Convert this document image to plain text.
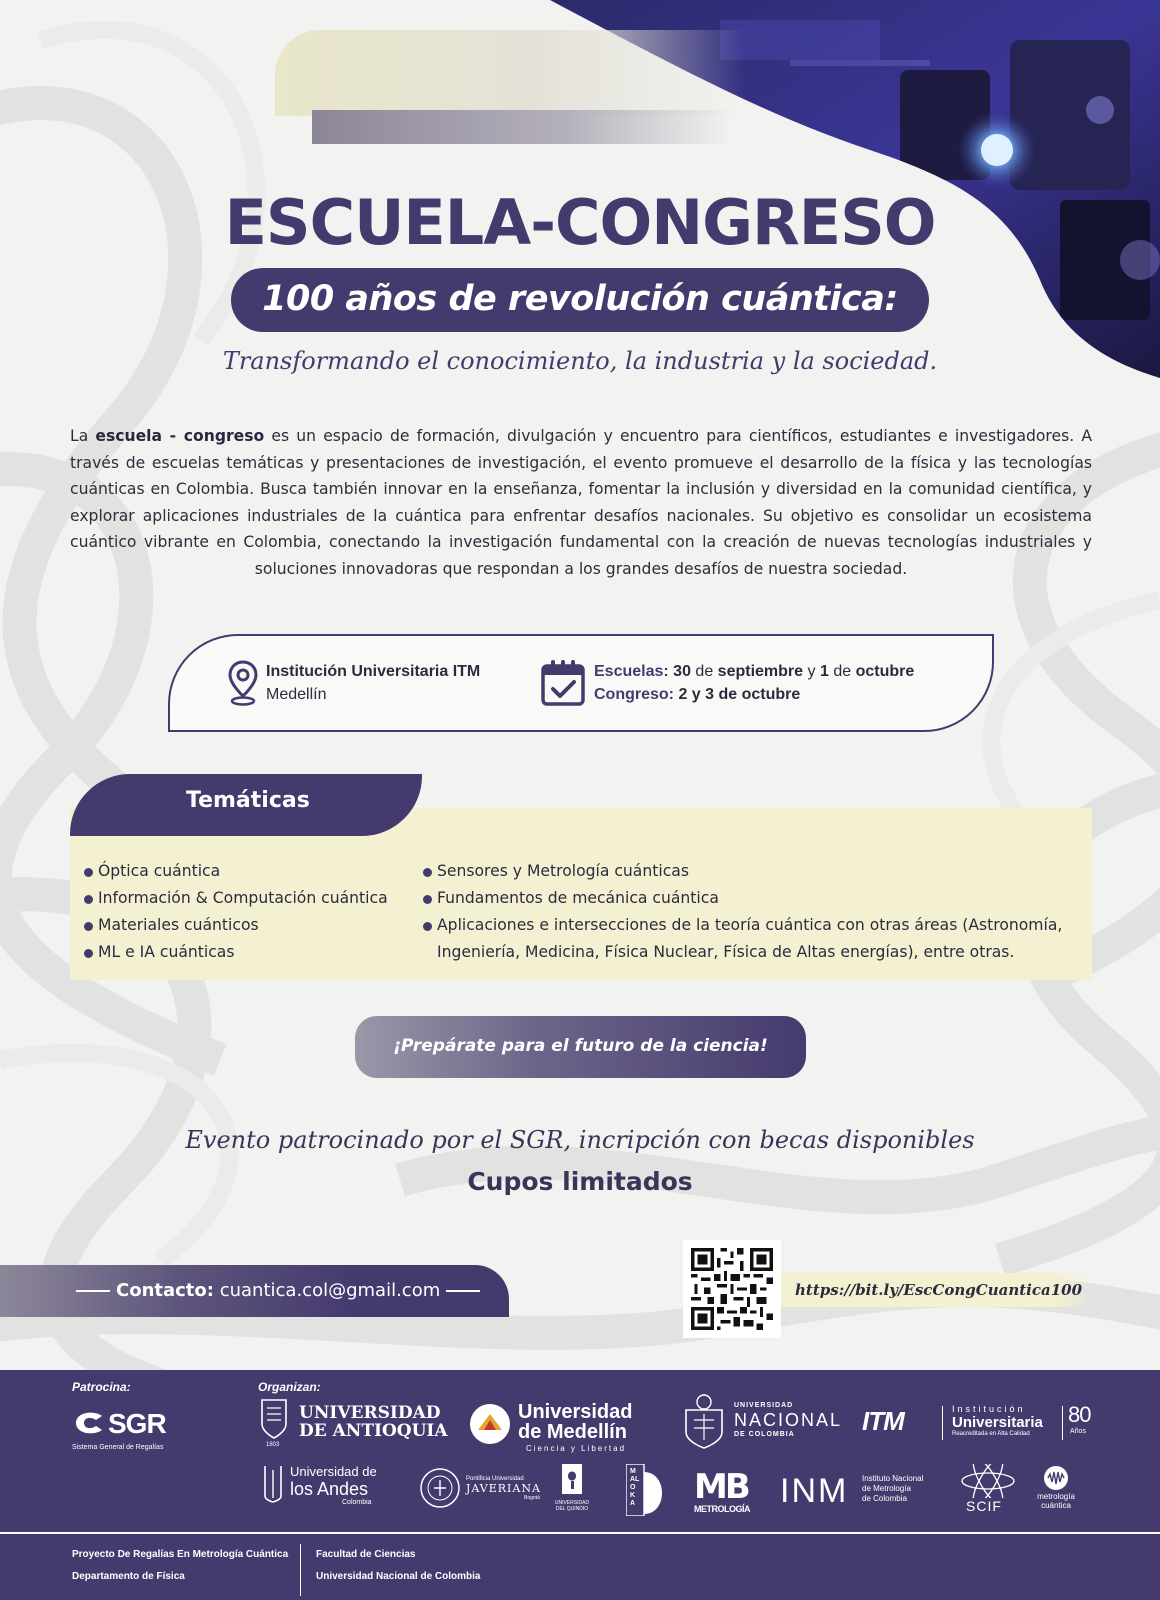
ESCUELA-CONGRESO
100 años de revolución cuántica:
Transformando el conocimiento, la industria y la sociedad.

La escuela - congreso es un espacio de formación, divulgación y encuentro para científicos, estudiantes e investigadores. A través de escuelas temáticas y presentaciones de investigación, el evento promueve el desarrollo de la física y las tecnologías cuánticas en Colombia. Busca también innovar en la enseñanza, fomentar la inclusión y diversidad en la comunidad científica, y explorar aplicaciones industriales de la cuántica para enfrentar desafíos nacionales. Su objetivo es consolidar un ecosistema cuántico vibrante en Colombia, conectando la investigación fundamental con la creación de nuevas tecnologías industriales y soluciones innovadoras que respondan a los grandes desafíos de nuestra sociedad.

Institución Universitaria ITM
Medellín
Escuelas: 30 de septiembre y 1 de octubre
Congreso: 2 y 3 de octubre
Óptica cuántica
Información & Computación cuántica
Materiales cuánticos
ML e IA cuánticas
Sensores y Metrología cuánticas
Fundamentos de mecánica cuántica
Aplicaciones e intersecciones de la teoría cuántica con otras áreas (Astronomía, Ingeniería, Medicina, Física Nuclear, Física de Altas energías), entre otras.
Temáticas
¡Prepárate para el futuro de la ciencia!
Evento patrocinado por el SGR, incripción con becas disponibles
Cupos limitados
Contacto: cuantica.col@gmail.com	https://bit.ly/EscCongCuantica100
Patrocina:	Organizan:
SGR
Sistema General de Regalías	1803
UNIVERSIDAD
DE ANTIOQUIA
Universidad
de Medellín
Ciencia y Libertad
UNIVERSIDAD
NACIONAL
DE COLOMBIA	ITM	Institución
Universitaria
Reacreditada en Alta Calidad
80
Años
Universidad de
los Andes
Colombia
Pontificia Universidad
JAVERIANA
Bogotá
UNIVERSIDAD
DEL QUINDÍO
MALOKA MB
METROLOGÍA INM Instituto Nacional
de Metrología
de Colombia	SCIF
metrología
cuántica
Proyecto De Regalías En Metrología Cuántica
Departamento de Física
Facultad de Ciencias
Universidad Nacional de Colombia
